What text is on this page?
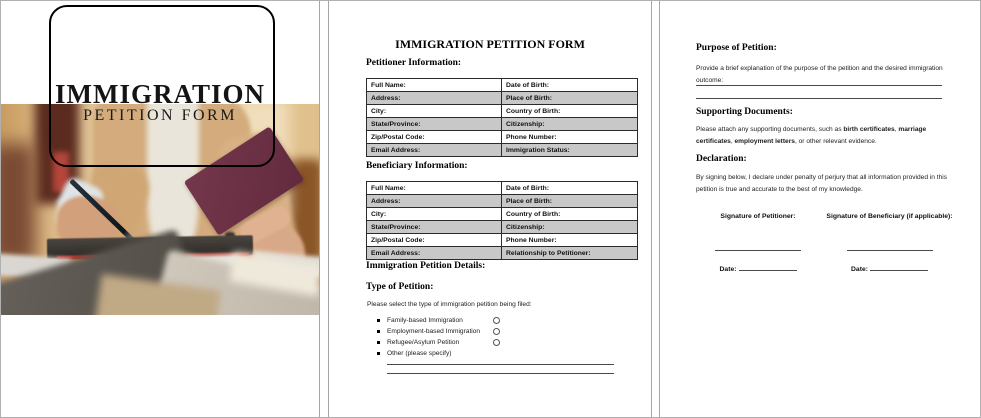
IMMIGRATION
PETITION FORM
IMMIGRATION PETITION FORM
Petitioner Information:
Full Name:	Date of Birth:
Address:	Place of Birth:
City:	Country of Birth:
State/Province:	Citizenship:
Zip/Postal Code:	Phone Number:
Email Address:	Immigration Status:
Beneficiary Information:
Full Name:	Date of Birth:
Address:	Place of Birth:
City:	Country of Birth:
State/Province:	Citizenship:
Zip/Postal Code:	Phone Number:
Email Address:	Relationship to Petitioner:
Immigration Petition Details:
Type of Petition:
Please select the type of immigration petition being filed:
Family-based Immigration
Employment-based Immigration
Refugee/Asylum Petition
Other (please specify)
Purpose of Petition:
Provide a brief explanation of the purpose of the petition and the desired immigration outcome:
Supporting Documents:
Please attach any supporting documents, such as birth certificates, marriage certificates, employment letters, or other relevant evidence.
Declaration:
By signing below, I declare under penalty of perjury that all information provided in this petition is true and accurate to the best of my knowledge.
Signature of Petitioner:
Date:
Signature of Beneficiary (if applicable):
Date:
